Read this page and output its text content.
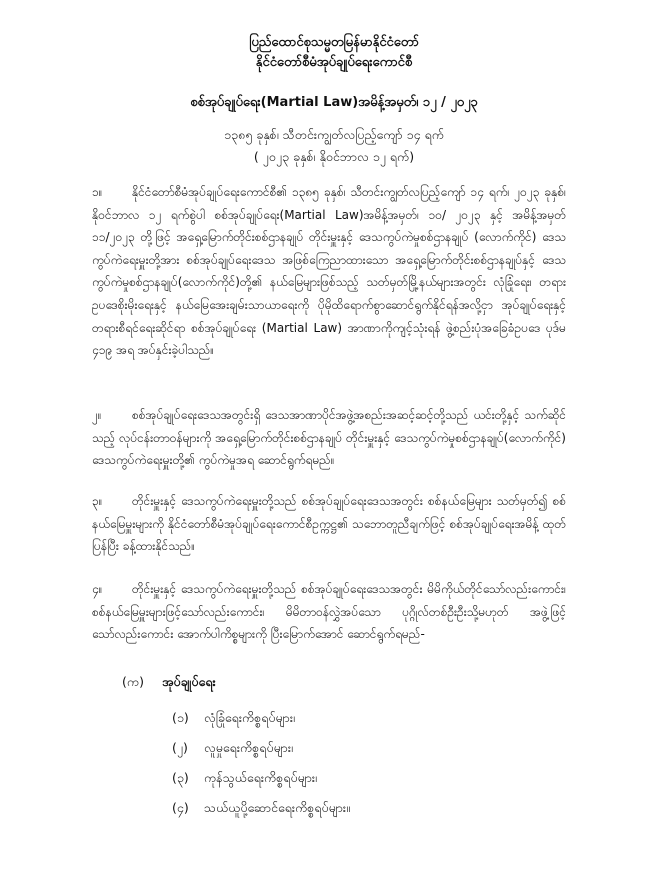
ပြည်ထောင်စုသမ္မတမြန်မာနိုင်ငံတော်
နိုင်ငံတော်စီမံအုပ်ချုပ်ရေးကောင်စီ
စစ်အုပ်ချုပ်ရေး(Martial Law)အမိန့်အမှတ်၊ ၁၂ / ၂၀၂၃
၁၃၈၅ ခုနှစ်၊ သီတင်းကျွတ်လပြည့်ကျော် ၁၄ ရက်
( ၂၀၂၃ ခုနှစ်၊ နိုဝင်ဘာလ ၁၂ ရက်)
၁။	နိုင်ငံတော်စီမံအုပ်ချုပ်ရေးကောင်စီ၏ ၁၃၈၅ ခုနှစ်၊ သီတင်းကျွတ်လပြည့်ကျော် ၁၄ ရက်၊ ၂၀၂၃ ခုနှစ်၊ နိုဝင်ဘာလ ၁၂ ရက်စွဲပါ စစ်အုပ်ချုပ်ရေး(Martial Law)အမိန့်အမှတ်၊ ၁၀/ ၂၀၂၃ နှင့် အမိန့်အမှတ် ၁၁/၂၀၂၃ တို့ဖြင့် အရှေ့မြောက်တိုင်းစစ်ဌာနချုပ် တိုင်းမှူးနှင့် ဒေသကွပ်ကဲမှုစစ်ဌာနချုပ် (လောက်ကိုင်) ဒေသကွပ်ကဲရေးမှူးတို့အား စစ်အုပ်ချုပ်ရေးဒေသ အဖြစ်ကြေညာထားသော အရှေ့မြောက်တိုင်းစစ်ဌာနချုပ်နှင့် ဒေသကွပ်ကဲမှုစစ်ဌာနချုပ်(လောက်ကိုင်)တို့၏ နယ်မြေများဖြစ်သည့် သတ်မှတ်မြို့နယ်များအတွင်း လုံခြုံရေး၊ တရားဥပဒေစိုးမိုးရေးနှင့် နယ်မြေအေးချမ်းသာယာရေးကို ပိုမိုထိရောက်စွာဆောင်ရွက်နိုင်ရန်အလို့ငှာ အုပ်ချုပ်ရေးနှင့် တရားစီရင်ရေးဆိုင်ရာ စစ်အုပ်ချုပ်ရေး (Martial Law) အာဏာကိုကျင့်သုံးရန် ဖွဲ့စည်းပုံအခြေခံဥပဒေ ပုဒ်မ ၄၁၉ အရ အပ်နှင်းခဲ့ပါသည်။
၂။	စစ်အုပ်ချုပ်ရေးဒေသအတွင်းရှိ ဒေသအာဏာပိုင်အဖွဲ့အစည်းအဆင့်ဆင့်တို့သည် ယင်းတို့နှင့် သက်ဆိုင်သည့် လုပ်ငန်းတာဝန်များကို အရှေ့မြောက်တိုင်းစစ်ဌာနချုပ် တိုင်းမှူးနှင့် ဒေသကွပ်ကဲမှုစစ်ဌာနချုပ်(လောက်ကိုင်) ဒေသကွပ်ကဲရေးမှူးတို့၏ ကွပ်ကဲမှုအရ ဆောင်ရွက်ရမည်။
၃။	တိုင်းမှူးနှင့် ဒေသကွပ်ကဲရေးမှူးတို့သည် စစ်အုပ်ချုပ်ရေးဒေသအတွင်း စစ်နယ်မြေများ သတ်မှတ်၍ စစ်နယ်မြေမှူးများကို နိုင်ငံတော်စီမံအုပ်ချုပ်ရေးကောင်စီဥက္ကဋ္ဌ၏ သဘောတူညီချက်ဖြင့် စစ်အုပ်ချုပ်ရေးအမိန့် ထုတ်ပြန်ပြီး ခန့်ထားနိုင်သည်။
၄။	တိုင်းမှူးနှင့် ဒေသကွပ်ကဲရေးမှူးတို့သည် စစ်အုပ်ချုပ်ရေးဒေသအတွင်း မိမိကိုယ်တိုင်သော်လည်းကောင်း၊ စစ်နယ်မြေမှူးများဖြင့်သော်လည်းကောင်း၊ မိမိတာဝန်လွှဲအပ်သော ပုဂ္ဂိုလ်တစ်ဦးဦးသို့မဟုတ် အဖွဲ့ဖြင့်သော်လည်းကောင်း အောက်ပါကိစ္စများကို ပြီးမြောက်အောင် ဆောင်ရွက်ရမည်-
(က) အုပ်ချုပ်ရေး
(၁) လုံခြုံရေးကိစ္စရပ်များ၊
(၂) လူမှုရေးကိစ္စရပ်များ၊
(၃) ကုန်သွယ်ရေးကိစ္စရပ်များ၊
(၄) သယ်ယူပို့ဆောင်ရေးကိစ္စရပ်များ။
